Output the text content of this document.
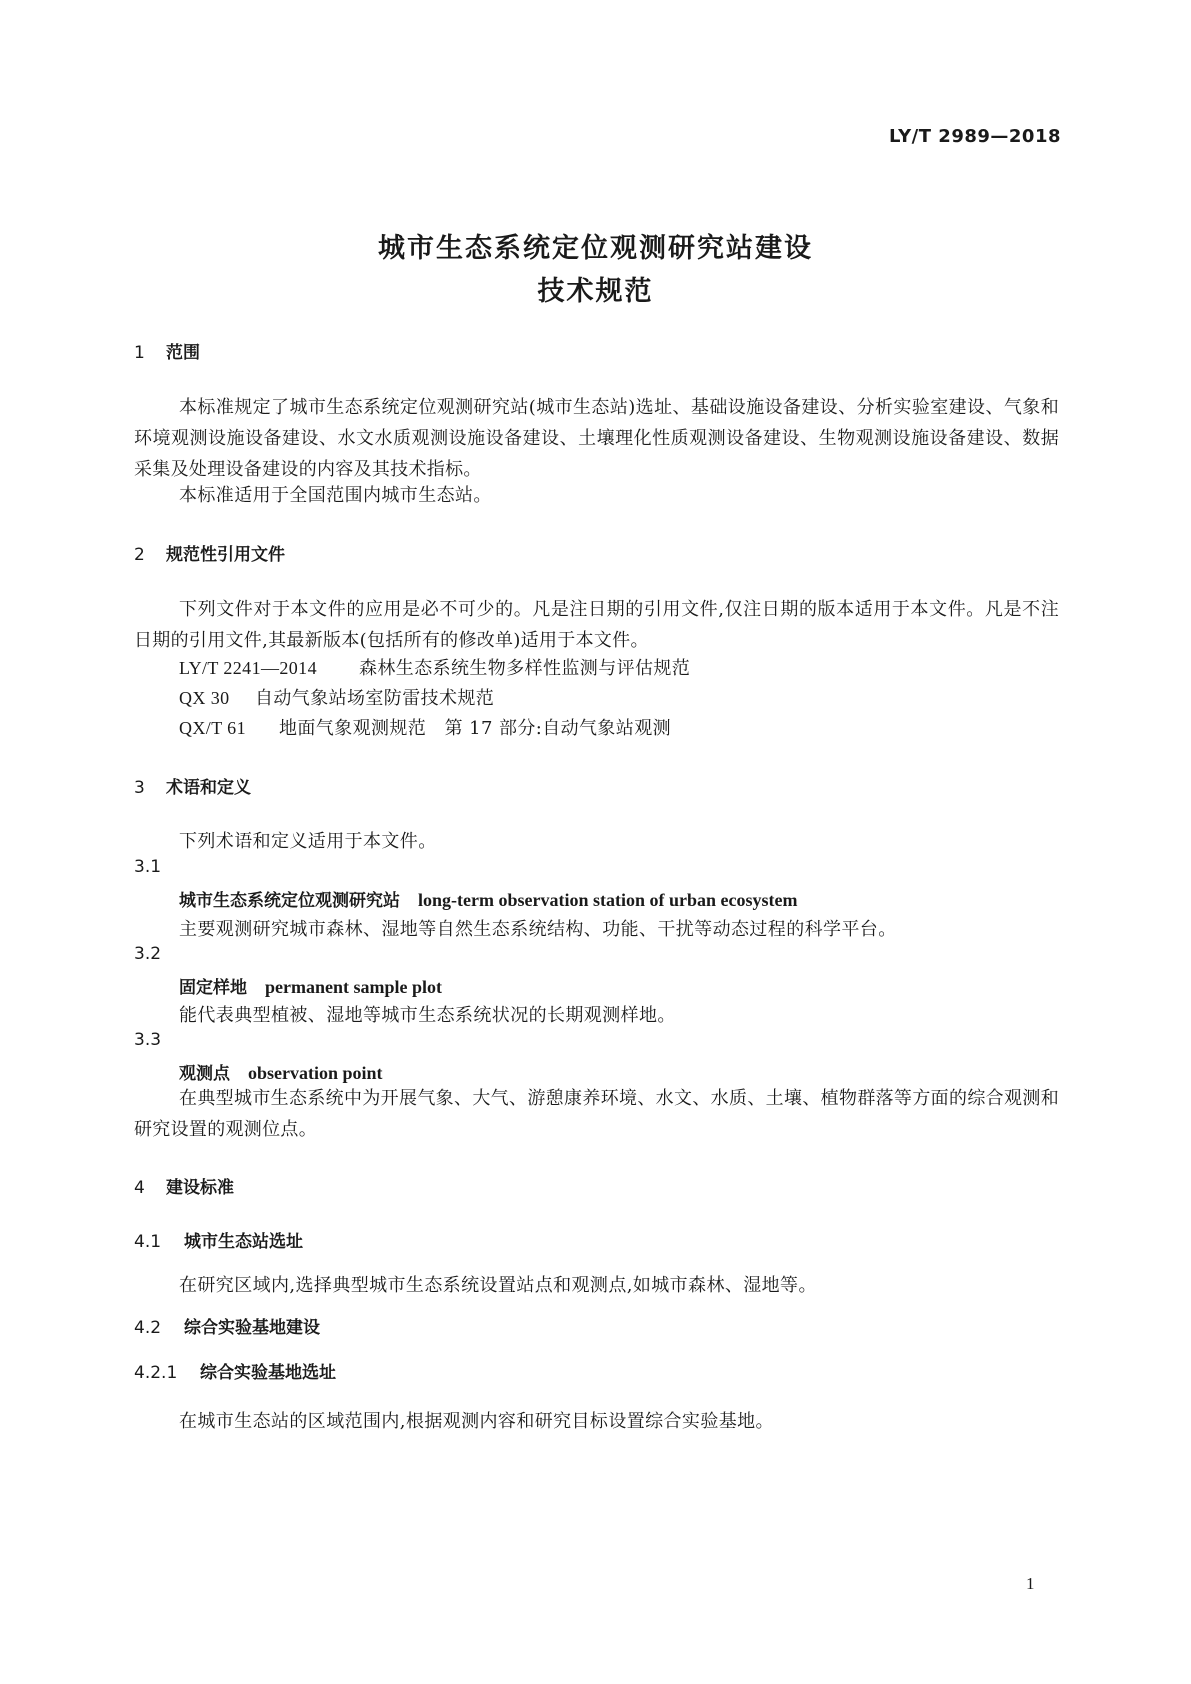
LY/T 2989—2018
城市生态系统定位观测研究站建设
技术规范
1 范围
本标准规定了城市生态系统定位观测研究站(城市生态站)选址、基础设施设备建设、分析实验室建设、气象和环境观测设施设备建设、水文水质观测设施设备建设、土壤理化性质观测设备建设、生物观测设施设备建设、数据采集及处理设备建设的内容及其技术指标。
本标准适用于全国范围内城市生态站。
2 规范性引用文件
下列文件对于本文件的应用是必不可少的。凡是注日期的引用文件,仅注日期的版本适用于本文件。凡是不注日期的引用文件,其最新版本(包括所有的修改单)适用于本文件。
LY/T 2241—2014 森林生态系统生物多样性监测与评估规范
QX 30 自动气象站场室防雷技术规范
QX/T 61 地面气象观测规范　第 17 部分:自动气象站观测
3 术语和定义
下列术语和定义适用于本文件。
3.1
城市生态系统定位观测研究站 long-term observation station of urban ecosystem
主要观测研究城市森林、湿地等自然生态系统结构、功能、干扰等动态过程的科学平台。
3.2
固定样地 permanent sample plot
能代表典型植被、湿地等城市生态系统状况的长期观测样地。
3.3
观测点 observation point
在典型城市生态系统中为开展气象、大气、游憩康养环境、水文、水质、土壤、植物群落等方面的综合观测和研究设置的观测位点。
4 建设标准
4.1 城市生态站选址
在研究区域内,选择典型城市生态系统设置站点和观测点,如城市森林、湿地等。
4.2 综合实验基地建设
4.2.1 综合实验基地选址
在城市生态站的区域范围内,根据观测内容和研究目标设置综合实验基地。
1
